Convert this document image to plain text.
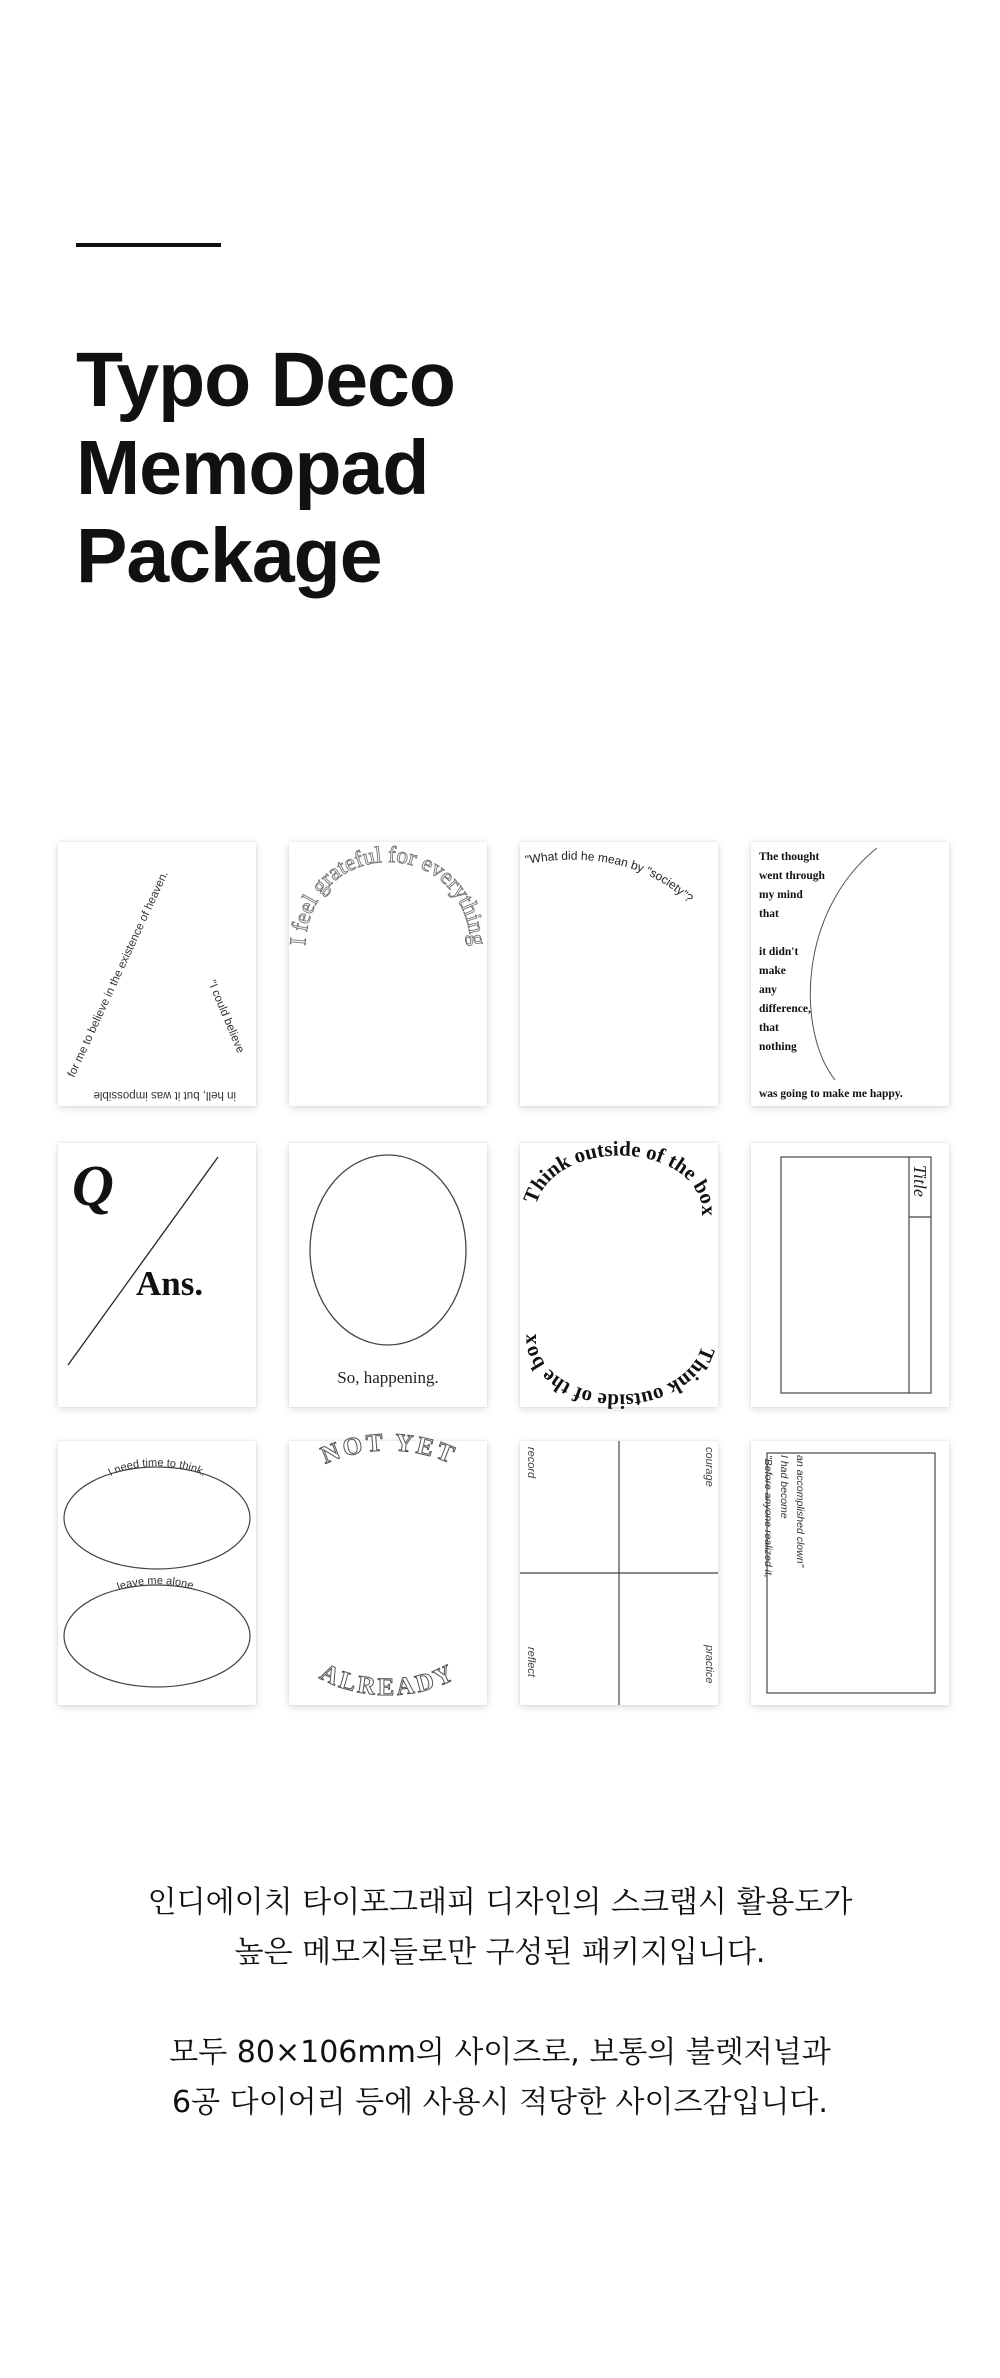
Typo Deco
Memopad
Package
for me to believe in the existence of heaven.
"I could believe
in hell, but it was impossible
I feel grateful for everything
"What did he mean by "society"?
The thought
went through
my mind
that
it didn't
make
any
difference,
that
nothing
was going to make me happy.
Q
Ans.
So, happening.
Think outside of the box
Think outside of the box
Title
I need time to think.
leave me alone.
NOT YET
ALREADY
record	courage
reflect	practice
"Before anyone realized it, I had become an accomplished clown"

인디에이치 타이포그래피 디자인의 스크랩시 활용도가
높은 메모지들로만 구성된 패키지입니다.

모두 80×106mm의 사이즈로, 보통의 불렛저널과
6공 다이어리 등에 사용시 적당한 사이즈감입니다.
